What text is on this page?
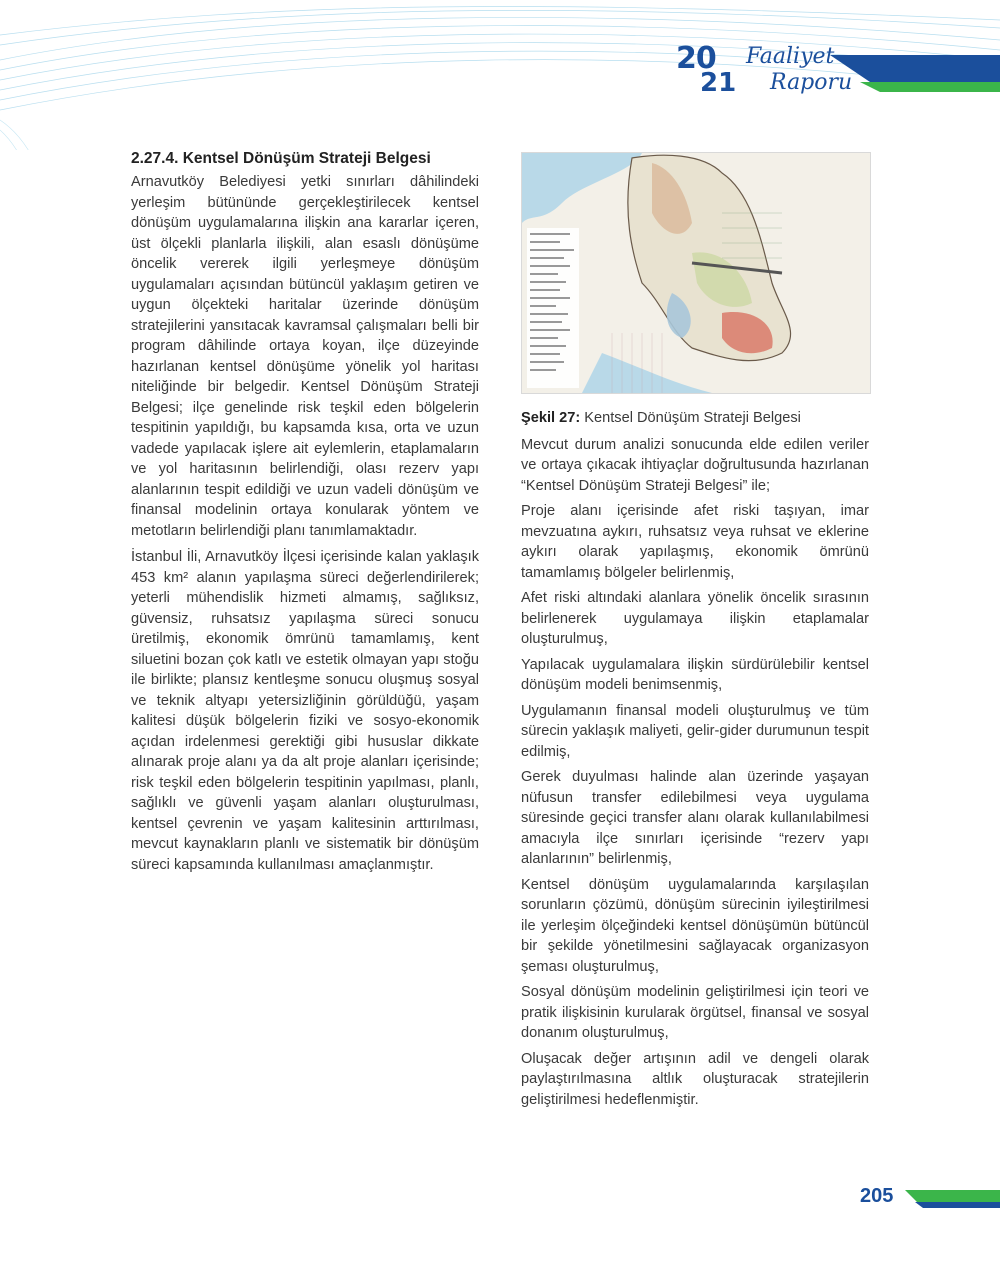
20
21
Faaliyet
Raporu
2.27.4. Kentsel Dönüşüm Strateji Belgesi

Arnavutköy Belediyesi yetki sınırları dâhilindeki yerleşim bütününde gerçekleştirilecek kentsel dönüşüm uygulamalarına ilişkin ana kararlar içeren, üst ölçekli planlarla ilişkili, alan esaslı dönüşüme öncelik vererek ilgili yerleşmeye dönüşüm uygulamaları açısından bütüncül yaklaşım getiren ve uygun ölçekteki haritalar üzerinde dönüşüm stratejilerini yansıtacak kavramsal çalışmaları belli bir program dâhilinde ortaya koyan, ilçe düzeyinde hazırlanan kentsel dönüşüme yönelik yol haritası niteliğinde bir belgedir. Kentsel Dönüşüm Strateji Belgesi; ilçe genelinde risk teşkil eden bölgelerin tespitinin yapıldığı, bu kapsamda kısa, orta ve uzun vadede yapılacak işlere ait eylemlerin, etaplamaların ve yol haritasının belirlendiği, olası rezerv yapı alanlarının tespit edildiği ve uzun vadeli dönüşüm ve finansal modelinin ortaya konularak yöntem ve metotların belirlendiği planı tanımlamaktadır.

İstanbul İli, Arnavutköy İlçesi içerisinde kalan yaklaşık 453 km² alanın yapılaşma süreci değerlendirilerek; yeterli mühendislik hizmeti almamış, sağlıksız, güvensiz, ruhsatsız yapılaşma süreci sonucu üretilmiş, ekonomik ömrünü tamamlamış, kent siluetini bozan çok katlı ve estetik olmayan yapı stoğu ile birlikte; plansız kentleşme sonucu oluşmuş sosyal ve teknik altyapı yetersizliğinin görüldüğü, yaşam kalitesi düşük bölgelerin fiziki ve sosyo-ekonomik açıdan irdelenmesi gerektiği gibi hususlar dikkate alınarak proje alanı ya da alt proje alanları içerisinde; risk teşkil eden bölgelerin tespitinin yapılması, planlı, sağlıklı ve güvenli yaşam alanları oluşturulması, kentsel çevrenin ve yaşam kalitesinin arttırılması, mevcut kaynakların planlı ve sistematik bir dönüşüm süreci kapsamında kullanılması amaçlanmıştır.

Şekil 27: Kentsel Dönüşüm Strateji Belgesi

Mevcut durum analizi sonucunda elde edilen veriler ve ortaya çıkacak ihtiyaçlar doğrultusunda hazırlanan “Kentsel Dönüşüm Strateji Belgesi” ile;

Proje alanı içerisinde afet riski taşıyan, imar mevzuatına aykırı, ruhsatsız veya ruhsat ve eklerine aykırı olarak yapılaşmış, ekonomik ömrünü tamamlamış bölgeler belirlenmiş,

Afet riski altındaki alanlara yönelik öncelik sırasının belirlenerek uygulamaya ilişkin etaplamalar oluşturulmuş,

Yapılacak uygulamalara ilişkin sürdürülebilir kentsel dönüşüm modeli benimsenmiş,

Uygulamanın finansal modeli oluşturulmuş ve tüm sürecin yaklaşık maliyeti, gelir-gider durumunun tespit edilmiş,

Gerek duyulması halinde alan üzerinde yaşayan nüfusun transfer edilebilmesi veya uygulama süresinde geçici transfer alanı olarak kullanılabilmesi amacıyla ilçe sınırları içerisinde “rezerv yapı alanlarının” belirlenmiş,

Kentsel dönüşüm uygulamalarında karşılaşılan sorunların çözümü, dönüşüm sürecinin iyileştirilmesi ile yerleşim ölçeğindeki kentsel dönüşümün bütüncül bir şekilde yönetilmesini sağlayacak organizasyon şeması oluşturulmuş,

Sosyal dönüşüm modelinin geliştirilmesi için teori ve pratik ilişkisinin kurularak örgütsel, finansal ve sosyal donanım oluşturulmuş,

Oluşacak değer artışının adil ve dengeli olarak paylaştırılmasına altlık oluşturacak stratejilerin geliştirilmesi hedeflenmiştir.

205
